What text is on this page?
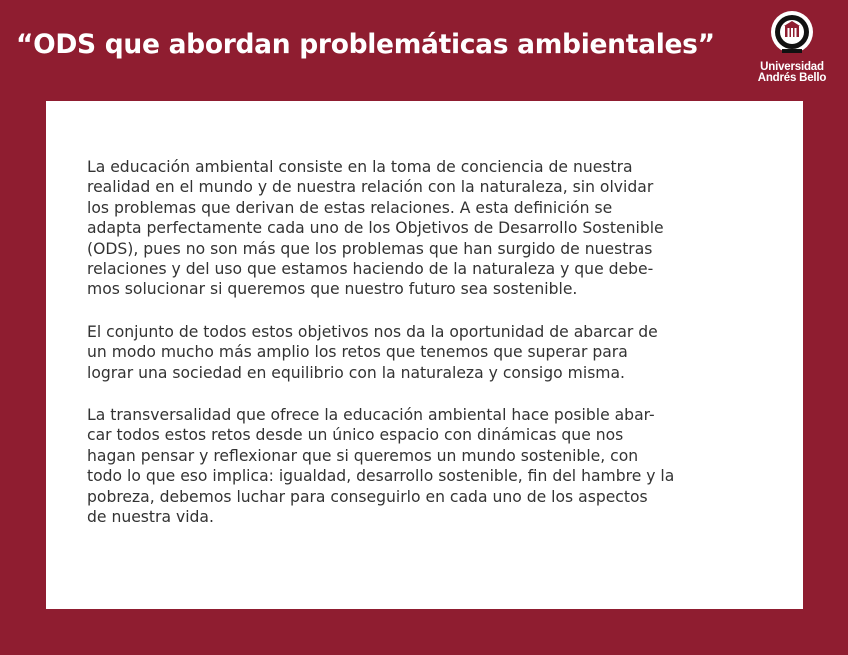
“ODS que abordan problemáticas ambientales”
Universidad
Andrés Bello

La educación ambiental consiste en la toma de conciencia de nuestra
realidad en el mundo y de nuestra relación con la naturaleza, sin olvidar
los problemas que derivan de estas relaciones. A esta definición se
adapta perfectamente cada uno de los Objetivos de Desarrollo Sostenible
(ODS), pues no son más que los problemas que han surgido de nuestras
relaciones y del uso que estamos haciendo de la naturaleza y que debe-
mos solucionar si queremos que nuestro futuro sea sostenible.

El conjunto de todos estos objetivos nos da la oportunidad de abarcar de
un modo mucho más amplio los retos que tenemos que superar para
lograr una sociedad en equilibrio con la naturaleza y consigo misma.

La transversalidad que ofrece la educación ambiental hace posible abar-
car todos estos retos desde un único espacio con dinámicas que nos
hagan pensar y reflexionar que si queremos un mundo sostenible, con
todo lo que eso implica: igualdad, desarrollo sostenible, fin del hambre y la
pobreza, debemos luchar para conseguirlo en cada uno de los aspectos
de nuestra vida.
